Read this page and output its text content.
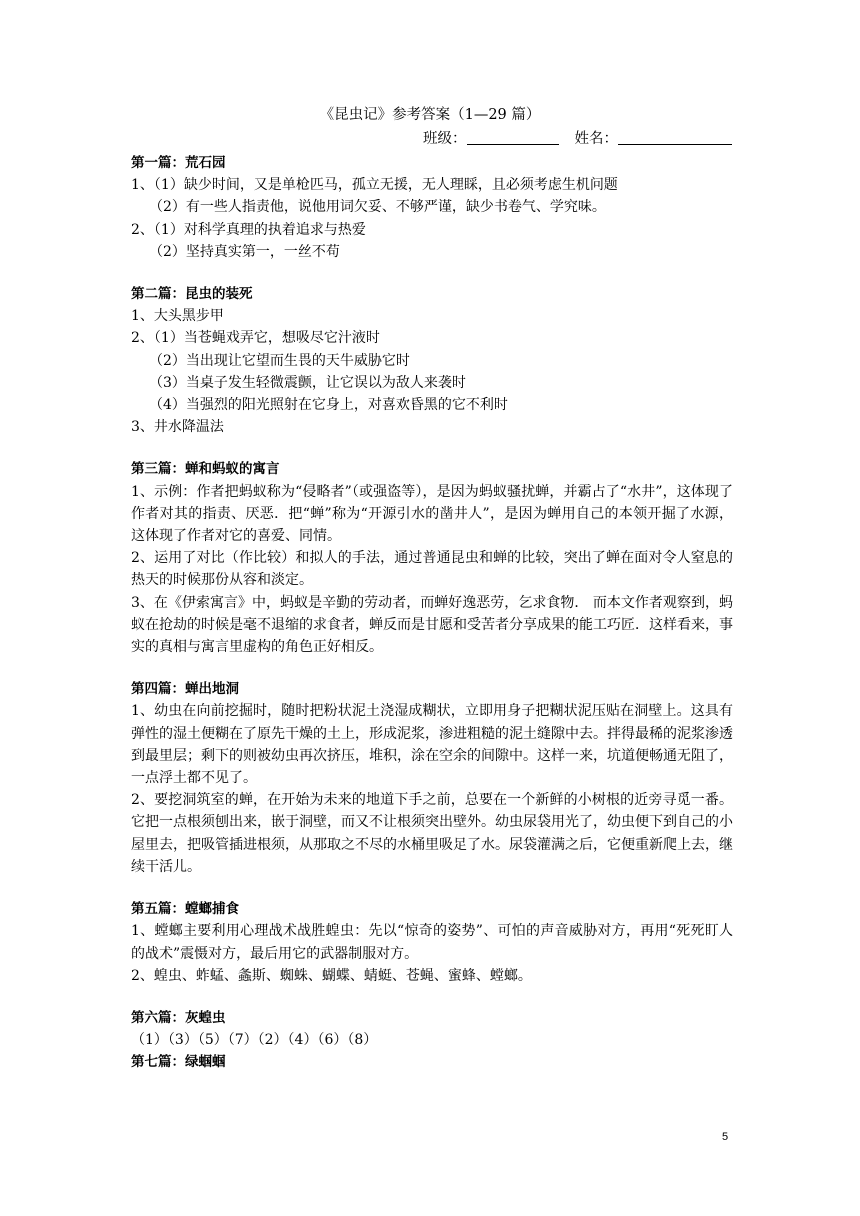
《昆虫记》参考答案（1—29 篇）
班级：	姓名：
第一篇：荒石园
1、（1）缺少时间，又是单枪匹马，孤立无援，无人理睬，且必须考虑生机问题
（2）有一些人指责他，说他用词欠妥、不够严谨，缺少书卷气、学究味。
2、（1）对科学真理的执着追求与热爱
（2）坚持真实第一，一丝不苟
第二篇：昆虫的装死
1、大头黑步甲
2、（1）当苍蝇戏弄它，想吸尽它汁液时
（2）当出现让它望而生畏的天牛威胁它时
（3）当桌子发生轻微震颤，让它误以为敌人来袭时
（4）当强烈的阳光照射在它身上，对喜欢昏黑的它不利时
3、井水降温法
第三篇：蝉和蚂蚁的寓言
1、示例：作者把蚂蚁称为“侵略者”（或强盗等），是因为蚂蚁骚扰蝉，并霸占了“水井”，这体现了作者对其的指责、厌恶．把“蝉”称为“开源引水的凿井人”，是因为蝉用自己的本领开掘了水源，这体现了作者对它的喜爱、同情。
2、运用了对比（作比较）和拟人的手法，通过普通昆虫和蝉的比较，突出了蝉在面对令人窒息的热天的时候那份从容和淡定。
3、在《伊索寓言》中，蚂蚁是辛勤的劳动者，而蝉好逸恶劳，乞求食物． 而本文作者观察到，蚂蚁在抢劫的时候是毫不退缩的求食者，蝉反而是甘愿和受苦者分享成果的能工巧匠．这样看来，事实的真相与寓言里虚构的角色正好相反。
第四篇：蝉出地洞
1、幼虫在向前挖掘时，随时把粉状泥土浇湿成糊状，立即用身子把糊状泥压贴在洞壁上。这具有弹性的湿土便糊在了原先干燥的土上，形成泥浆，渗进粗糙的泥土缝隙中去。拌得最稀的泥浆渗透到最里层；剩下的则被幼虫再次挤压，堆积，涂在空余的间隙中。这样一来，坑道便畅通无阻了，一点浮土都不见了。
2、要挖洞筑室的蝉，在开始为未来的地道下手之前，总要在一个新鲜的小树根的近旁寻觅一番。它把一点根须刨出来，嵌于洞壁，而又不让根须突出壁外。幼虫尿袋用光了，幼虫便下到自己的小屋里去，把吸管插进根须，从那取之不尽的水桶里吸足了水。尿袋灌满之后，它便重新爬上去，继续干活儿。
第五篇：螳螂捕食
1、螳螂主要利用心理战术战胜蝗虫：先以“惊奇的姿势”、可怕的声音威胁对方，再用“死死盯人的战术”震慑对方，最后用它的武器制服对方。
2、蝗虫、蚱蜢、螽斯、蜘蛛、蝴蝶、蜻蜓、苍蝇、蜜蜂、螳螂。
第六篇：灰蝗虫
（1）（3）（5）（7）（2）（4）（6）（8）
第七篇：绿蝈蝈
5
